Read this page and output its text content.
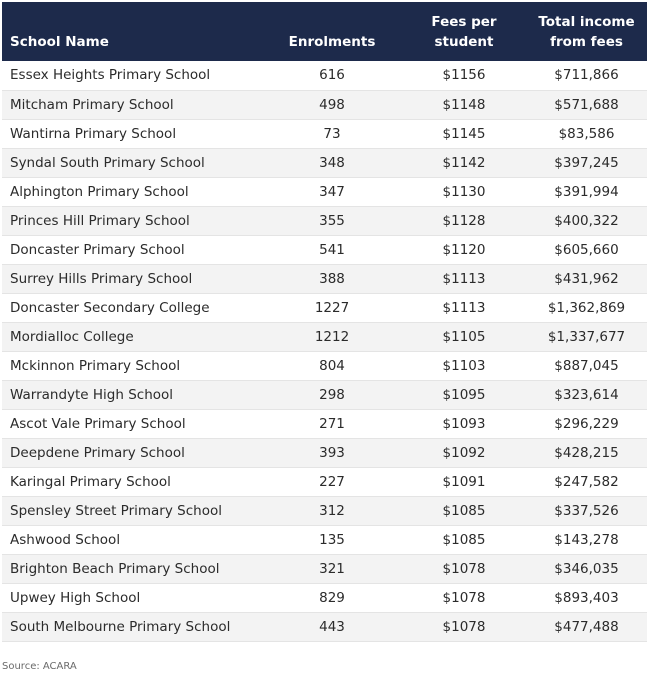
School Name	Enrolments	Fees per student	Total income from fees
Essex Heights Primary School	616	$1156	$711,866
Mitcham Primary School	498	$1148	$571,688
Wantirna Primary School	73	$1145	$83,586
Syndal South Primary School	348	$1142	$397,245
Alphington Primary School	347	$1130	$391,994
Princes Hill Primary School	355	$1128	$400,322
Doncaster Primary School	541	$1120	$605,660
Surrey Hills Primary School	388	$1113	$431,962
Doncaster Secondary College	1227	$1113	$1,362,869
Mordialloc College	1212	$1105	$1,337,677
Mckinnon Primary School	804	$1103	$887,045
Warrandyte High School	298	$1095	$323,614
Ascot Vale Primary School	271	$1093	$296,229
Deepdene Primary School	393	$1092	$428,215
Karingal Primary School	227	$1091	$247,582
Spensley Street Primary School	312	$1085	$337,526
Ashwood School	135	$1085	$143,278
Brighton Beach Primary School	321	$1078	$346,035
Upwey High School	829	$1078	$893,403
South Melbourne Primary School	443	$1078	$477,488
Source: ACARA
